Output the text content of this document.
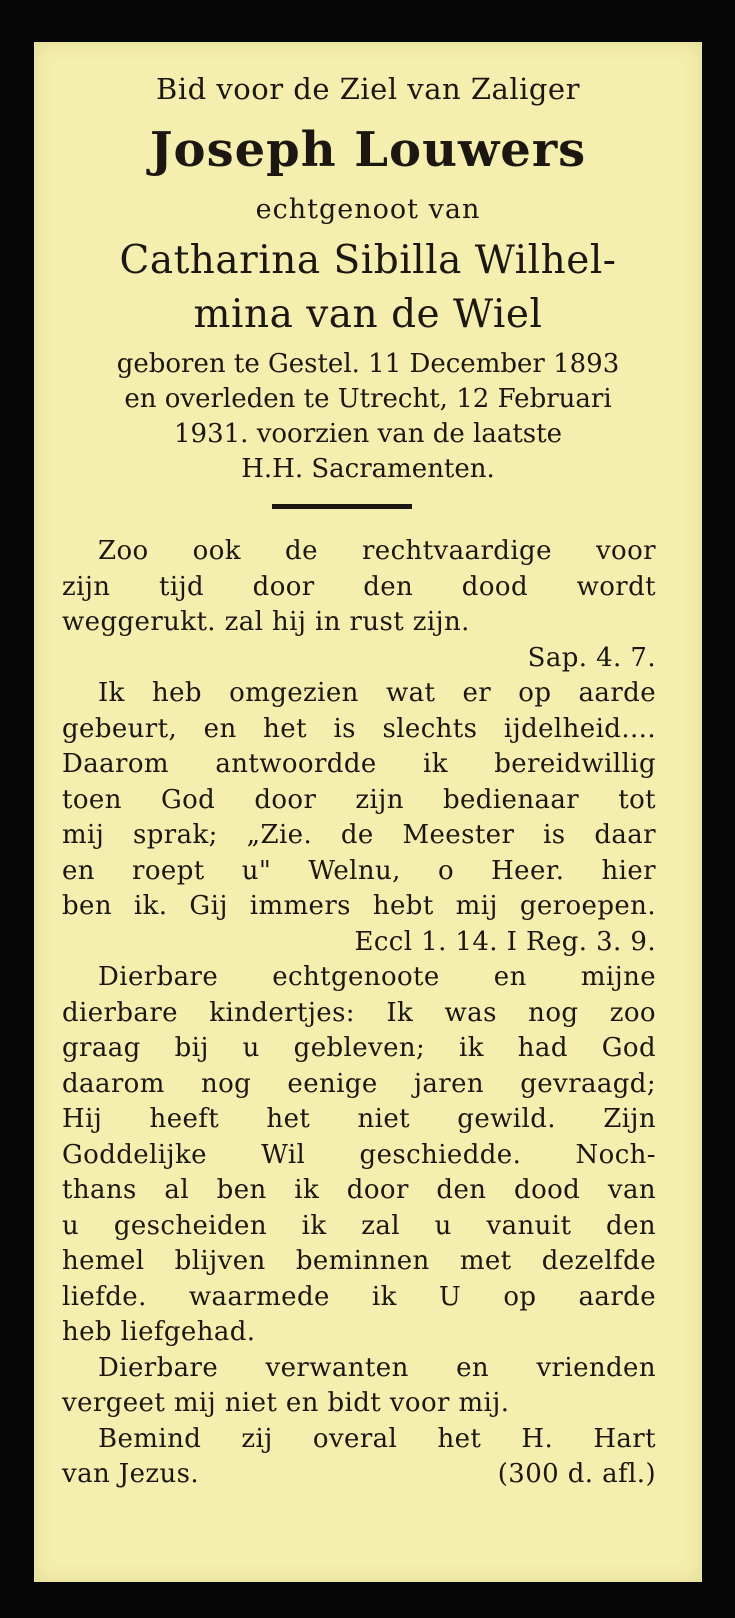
Bid voor de Ziel van Zaliger
Joseph Louwers
echtgenoot van
Catharina Sibilla Wilhel-
mina van de Wiel
geboren te Gestel. 11 December 1893
en overleden te Utrecht, 12 Februari
1931. voorzien van de laatste
H.H. Sacramenten.
Zoo ook de rechtvaardige voor
zijn tijd door den dood wordt
weggerukt. zal hij in rust zijn.
Sap. 4. 7.
Ik heb omgezien wat er op aarde
gebeurt, en het is slechts ijdelheid....
Daarom antwoordde ik bereidwillig
toen God door zijn bedienaar tot
mij sprak; „Zie. de Meester is daar
en roept u" Welnu, o Heer. hier
ben ik. Gij immers hebt mij geroepen.
Eccl 1. 14. I Reg. 3. 9.
Dierbare echtgenoote en mijne
dierbare kindertjes: Ik was nog zoo
graag bij u gebleven; ik had God
daarom nog eenige jaren gevraagd;
Hij heeft het niet gewild. Zijn
Goddelijke Wil geschiedde. Noch-
thans al ben ik door den dood van
u gescheiden ik zal u vanuit den
hemel blijven beminnen met dezelfde
liefde. waarmede ik U op aarde
heb liefgehad.
Dierbare verwanten en vrienden
vergeet mij niet en bidt voor mij.
Bemind zij overal het H. Hart
van Jezus.	(300 d. afl.)
